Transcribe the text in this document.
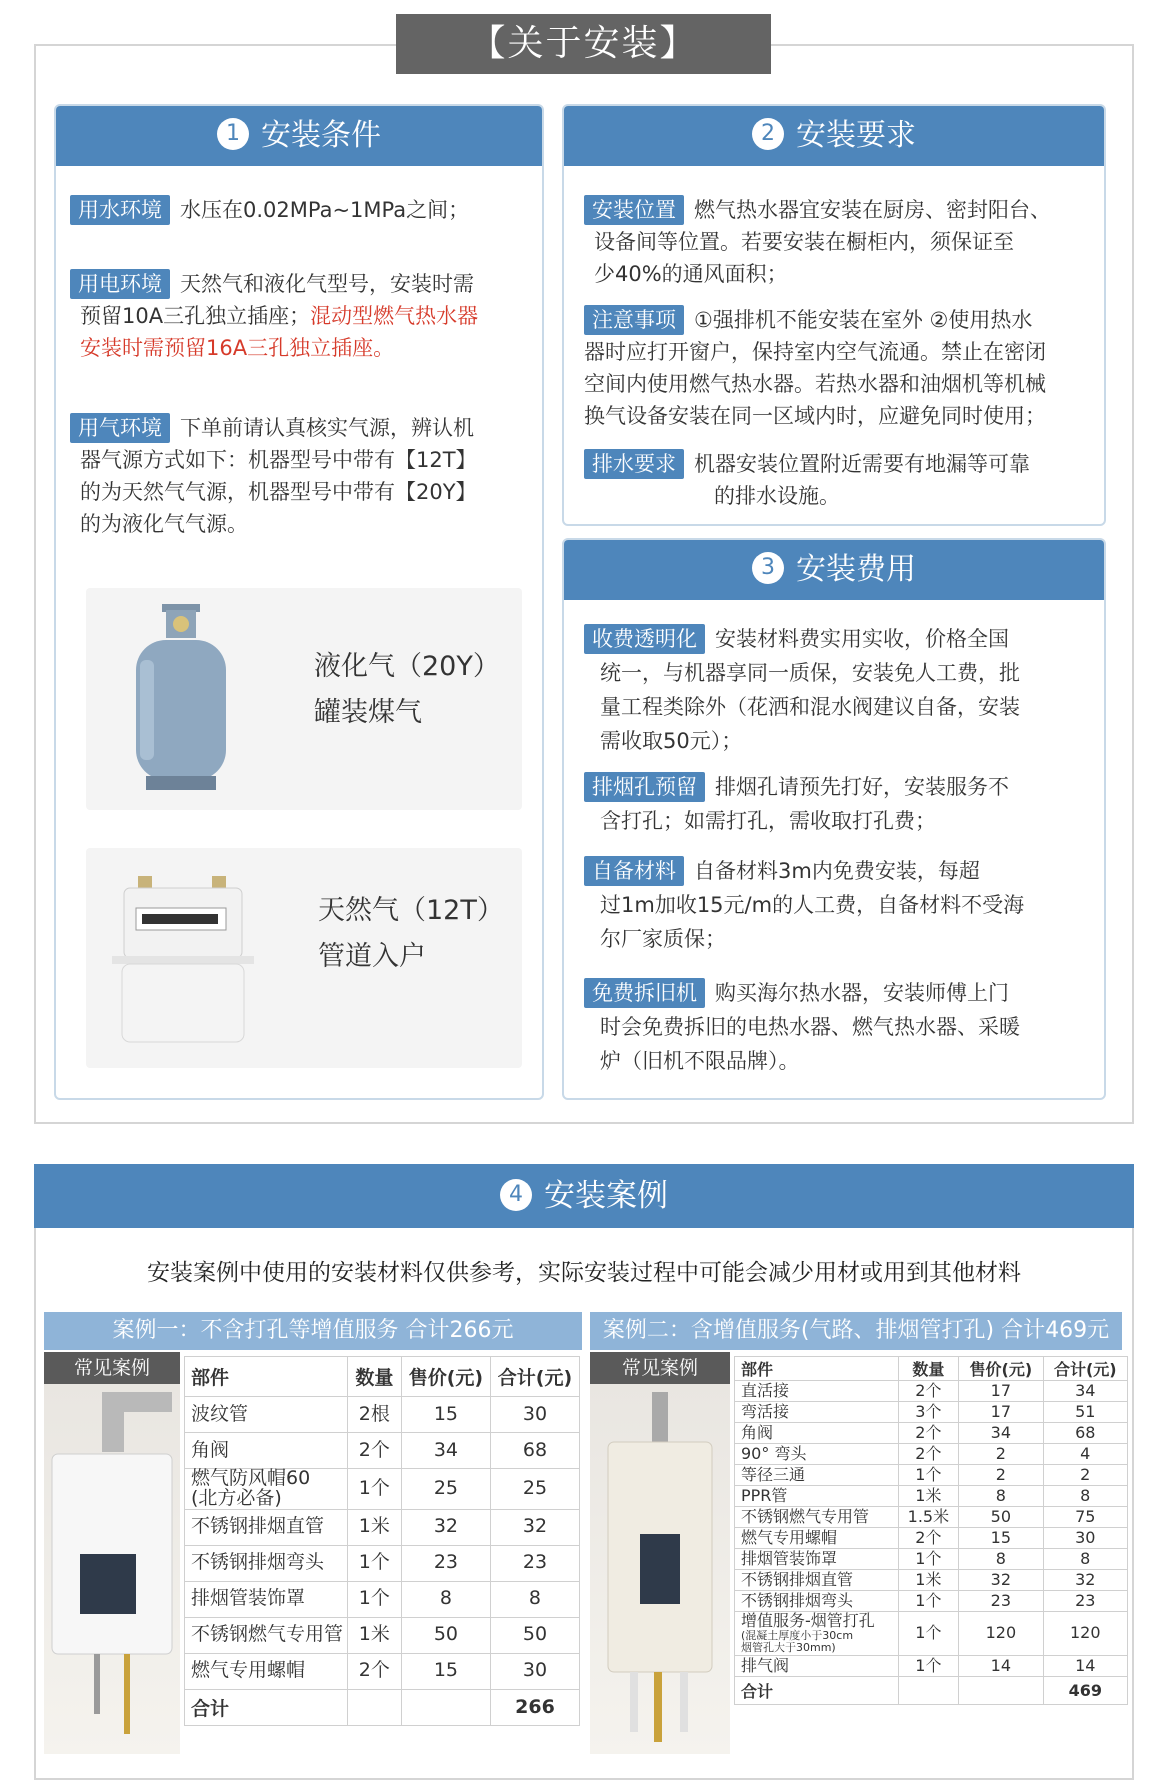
【关于安装】
1 安装条件
用水环境 水压在0.02MPa~1MPa之间；
用电环境 天然气和液化气型号，安装时需
预留10A三孔独立插座；混动型燃气热水器
安装时需预留16A三孔独立插座。
用气环境 下单前请认真核实气源，辨认机
器气源方式如下：机器型号中带有【12T】
的为天然气气源，机器型号中带有【20Y】
的为液化气气源。
液化气（20Y）
罐装煤气
天然气（12T）
管道入户
2 安装要求
安装位置 燃气热水器宜安装在厨房、密封阳台、
设备间等位置。若要安装在橱柜内，须保证至
少40%的通风面积；
注意事项 ①强排机不能安装在室外 ②使用热水
器时应打开窗户，保持室内空气流通。禁止在密闭
空间内使用燃气热水器。若热水器和油烟机等机械
换气设备安装在同一区域内时，应避免同时使用；
排水要求 机器安装位置附近需要有地漏等可靠
的排水设施。
3 安装费用
收费透明化 安装材料费实用实收，价格全国
统一，与机器享同一质保，安装免人工费，批
量工程类除外（花洒和混水阀建议自备，安装
需收取50元）；
排烟孔预留 排烟孔请预先打好，安装服务不
含打孔；如需打孔，需收取打孔费；
自备材料 自备材料3m内免费安装，每超
过1m加收15元/m的人工费，自备材料不受海
尔厂家质保；
免费拆旧机 购买海尔热水器，安装师傅上门
时会免费拆旧的电热水器、燃气热水器、采暖
炉（旧机不限品牌）。
4 安装案例
安装案例中使用的安装材料仅供参考，实际安装过程中可能会减少用材或用到其他材料
案例一：不含打孔等增值服务 合计266元
常见案例	部件	数量	售价(元)	合计(元)
波纹管	2根	15	30
角阀	2个	34	68
燃气防风帽60
(北方必备)	1个	25	25
不锈钢排烟直管	1米	32	32
不锈钢排烟弯头	1个	23	23
排烟管装饰罩	1个	8	8
不锈钢燃气专用管	1米	50	50
燃气专用螺帽	2个	15	30
合计			266
案例二：含增值服务(气路、排烟管打孔) 合计469元
常见案例	部件	数量	售价(元)	合计(元)
直活接	2个	17	34
弯活接	3个	17	51
角阀	2个	34	68
90° 弯头	2个	2	4
等径三通	1个	2	2
PPR管	1米	8	8
不锈钢燃气专用管	1.5米	50	75
燃气专用螺帽	2个	15	30
排烟管装饰罩	1个	8	8
不锈钢排烟直管	1米	32	32
不锈钢排烟弯头	1个	23	23
增值服务-烟管打孔
(混凝土厚度小于30cm
烟管孔大于30mm)	1个	120	120
排气阀	1个	14	14
合计			469
